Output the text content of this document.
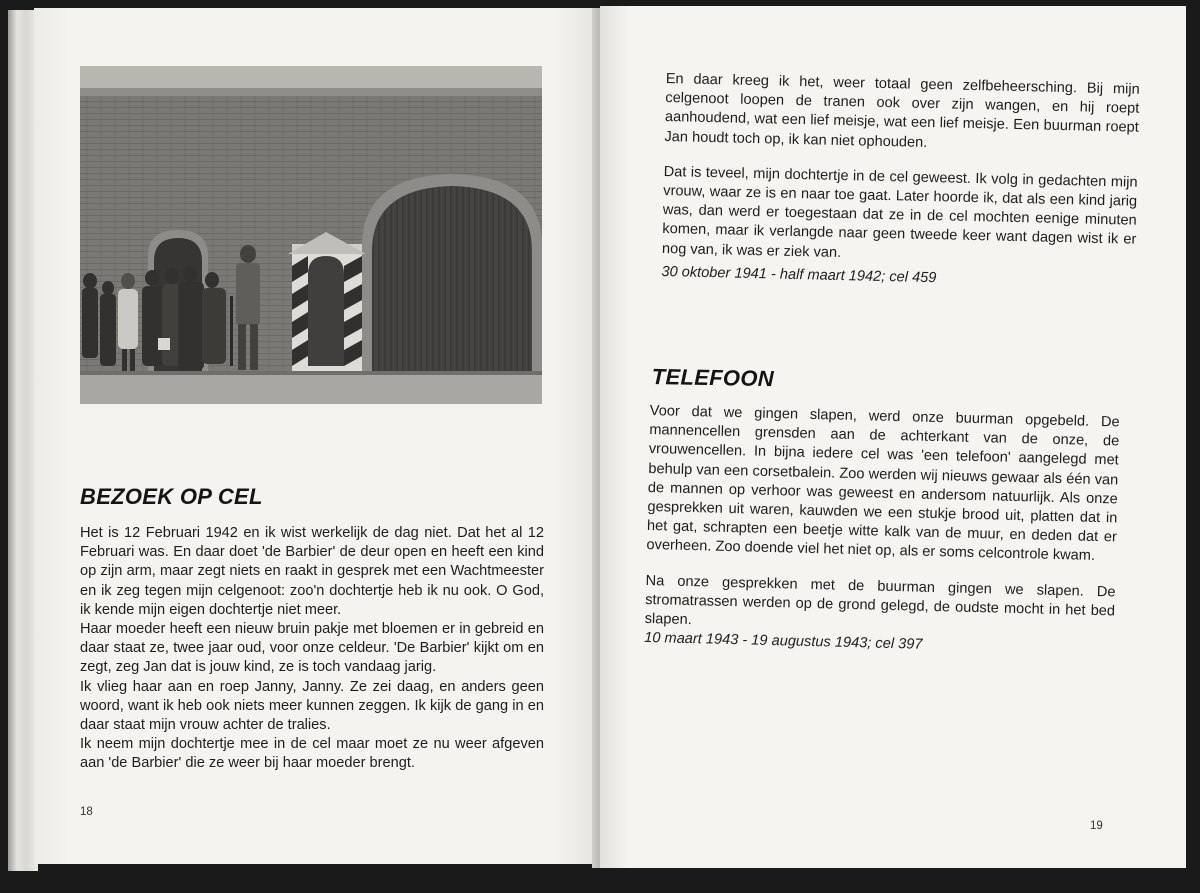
BEZOEK OP CEL

Het is 12 Februari 1942 en ik wist werkelijk de dag niet. Dat het al 12 Februari was. En daar doet 'de Barbier' de deur open en heeft een kind op zijn arm, maar zegt niets en raakt in gesprek met een Wachtmeester en ik zeg tegen mijn celgenoot: zoo'n dochtertje heb ik nu ook. O God, ik kende mijn eigen dochtertje niet meer.

Haar moeder heeft een nieuw bruin pakje met bloemen er in gebreid en daar staat ze, twee jaar oud, voor onze celdeur. 'De Barbier' kijkt om en zegt, zeg Jan dat is jouw kind, ze is toch vandaag jarig.

Ik vlieg haar aan en roep Janny, Janny. Ze zei daag, en anders geen woord, want ik heb ook niets meer kunnen zeggen. Ik kijk de gang in en daar staat mijn vrouw achter de tralies.

Ik neem mijn dochtertje mee in de cel maar moet ze nu weer afgeven aan 'de Barbier' die ze weer bij haar moeder brengt.

18

En daar kreeg ik het, weer totaal geen zelfbeheersching. Bij mijn celgenoot loopen de tranen ook over zijn wangen, en hij roept aanhoudend, wat een lief meisje, wat een lief meisje. Een buurman roept Jan houdt toch op, ik kan niet ophouden.

Dat is teveel, mijn dochtertje in de cel geweest. Ik volg in gedachten mijn vrouw, waar ze is en naar toe gaat. Later hoorde ik, dat als een kind jarig was, dan werd er toegestaan dat ze in de cel mochten eenige minuten komen, maar ik verlangde naar geen tweede keer want dagen wist ik er nog van, ik was er ziek van.

30 oktober 1941 - half maart 1942; cel 459

TELEFOON

Voor dat we gingen slapen, werd onze buurman opgebeld. De mannencellen grensden aan de achterkant van de onze, de vrouwencellen. In bijna iedere cel was 'een telefoon' aangelegd met behulp van een corsetbalein. Zoo werden wij nieuws gewaar als één van de mannen op verhoor was geweest en andersom natuurlijk. Als onze gesprekken uit waren, kauwden we een stukje brood uit, platten dat in het gat, schrapten een beetje witte kalk van de muur, en deden dat er overheen. Zoo doende viel het niet op, als er soms celcontrole kwam.

Na onze gesprekken met de buurman gingen we slapen. De stromatrassen werden op de grond gelegd, de oudste mocht in het bed slapen.

10 maart 1943 - 19 augustus 1943; cel 397

19
